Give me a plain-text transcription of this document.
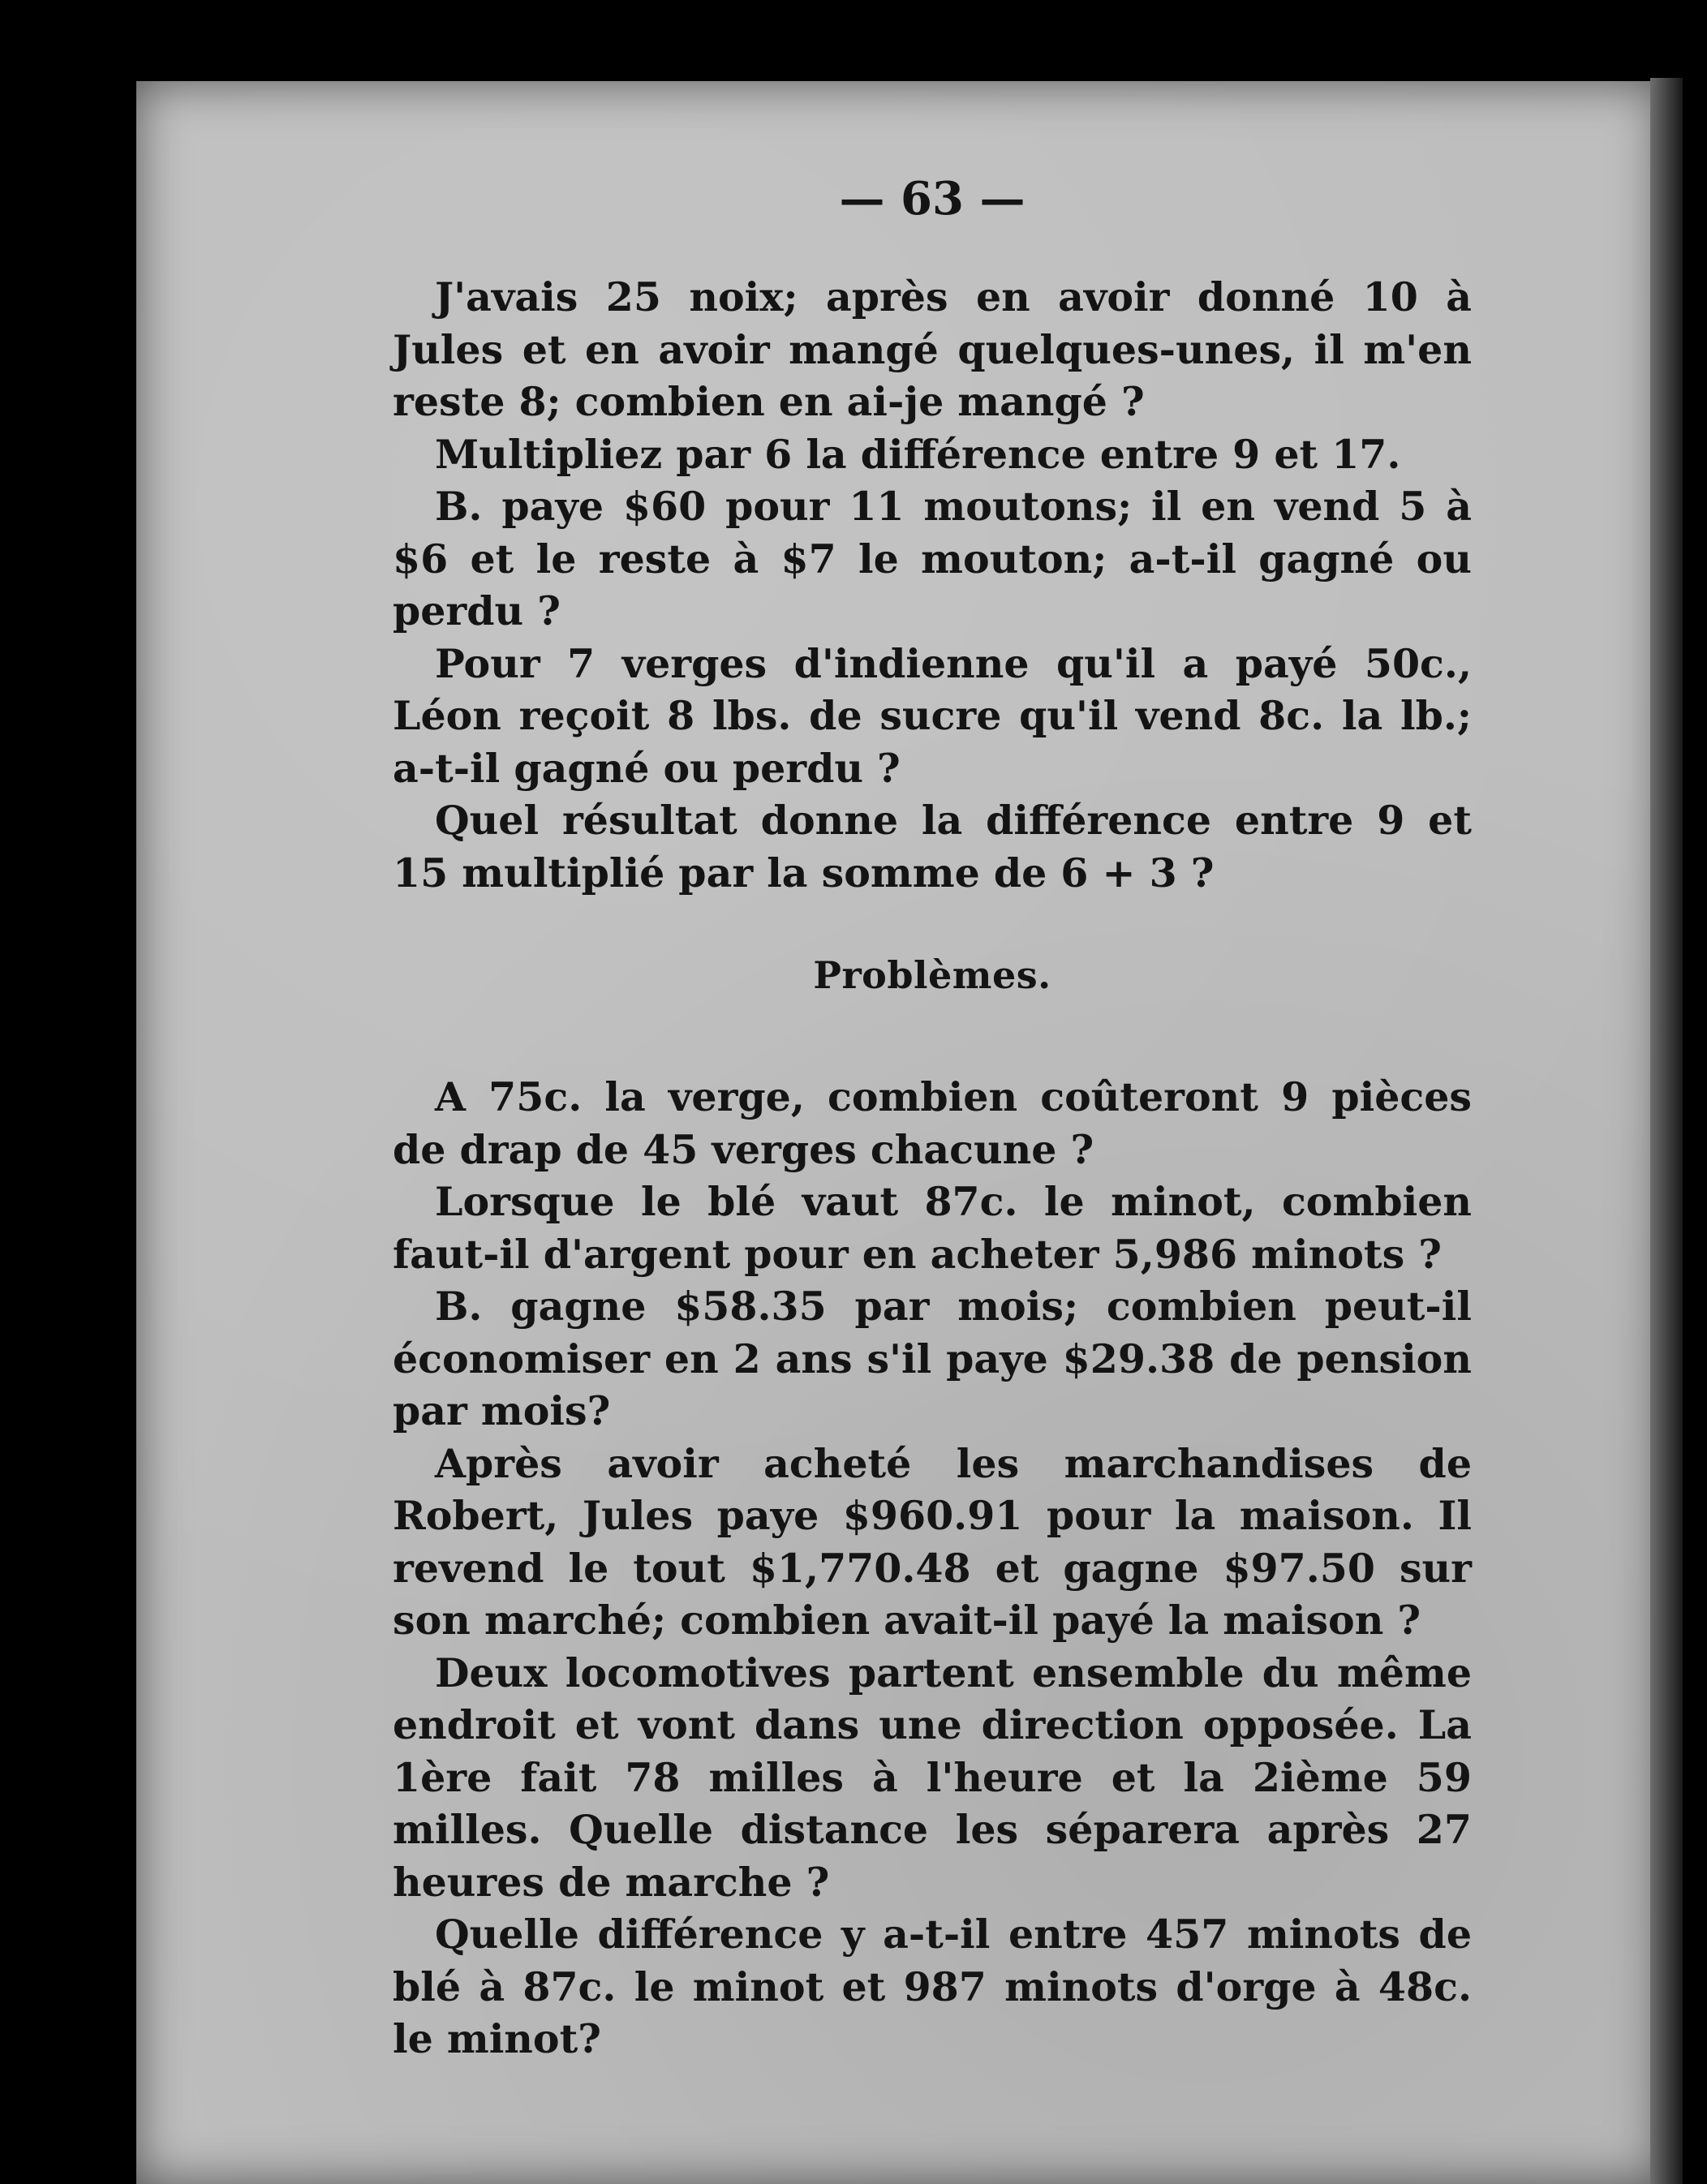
— 63 —

J'avais 25 noix; après en avoir donné 10 à Jules et en avoir mangé quelques-unes, il m'en reste 8; combien en ai-je mangé ?

Multipliez par 6 la différence entre 9 et 17.

B. paye $60 pour 11 moutons; il en vend 5 à $6 et le reste à $7 le mouton; a-t-il gagné ou perdu ?

Pour 7 verges d'indienne qu'il a payé 50c., Léon reçoit 8 lbs. de sucre qu'il vend 8c. la lb.; a-t-il gagné ou perdu ?

Quel résultat donne la différence entre 9 et 15 multiplié par la somme de 6 + 3 ?

Problèmes.

A 75c. la verge, combien coûteront 9 pièces de drap de 45 verges chacune ?

Lorsque le blé vaut 87c. le minot, combien faut-il d'argent pour en acheter 5,986 minots ?

B. gagne $58.35 par mois; combien peut-il économiser en 2 ans s'il paye $29.38 de pension par mois?

Après avoir acheté les marchandises de Robert, Jules paye $960.91 pour la maison. Il revend le tout $1,770.48 et gagne $97.50 sur son marché; combien avait-il payé la maison ?

Deux locomotives partent ensemble du même endroit et vont dans une direction opposée. La 1ère fait 78 milles à l'heure et la 2ième 59 milles. Quelle distance les séparera après 27 heures de marche ?

Quelle différence y a-t-il entre 457 minots de blé à 87c. le minot et 987 minots d'orge à 48c. le minot?
